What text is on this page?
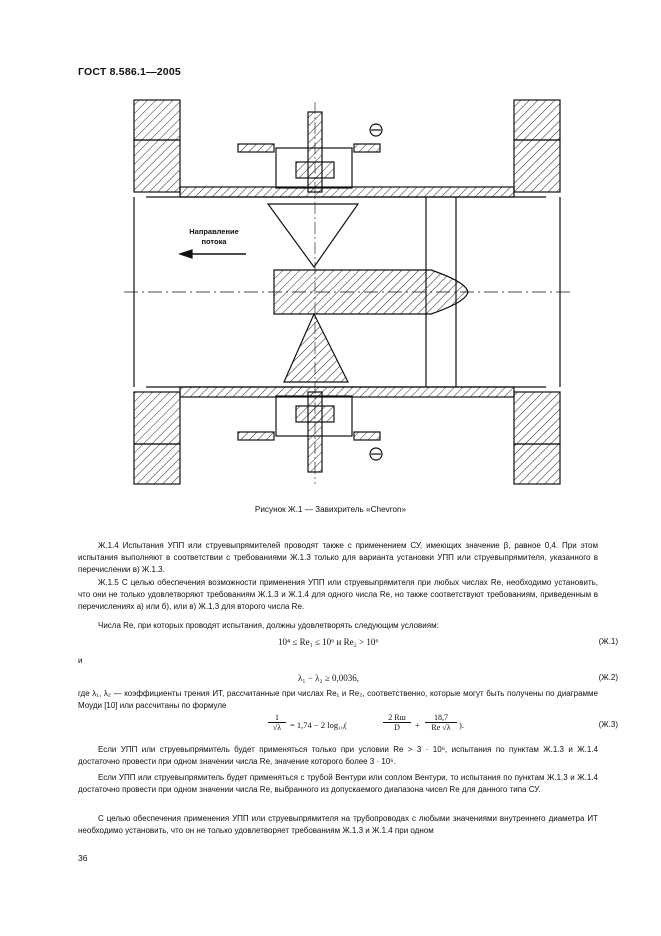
ГОСТ 8.586.1—2005
Направление
потока
Рисунок Ж.1 — Завихритель «Chevron»

Ж.1.4 Испытания УПП или струевыпрямителей проводят также с применением СУ, имеющих значение β, равное 0,4. При этом испытания выполняют в соответствии с требованиями Ж.1.3 только для варианта установки УПП или струевыпрямителя, указанного в перечислении в) Ж.1.3.

Ж.1.5 С целью обеспечения возможности применения УПП или струевыпрямителя при любых числах Re, необходимо установить, что они не только удовлетворяют требованиям Ж.1.3 и Ж.1.4 для одного числа Re, но также соответствуют требованиям, приведенным в перечислениях а) или б), или в) Ж.1.3 для второго числа Re.

Числа Re, при которых проводят испытания, должны удовлетворять следующим условиям:

10⁴ ≤ Re₁ ≤ 10⁶ и Re₂ > 10⁶	(Ж.1)
и
λ₁ − λ₂ ≥ 0,0036,	(Ж.2)

где λ₁, λ₂ — коэффициенты трения ИТ, рассчитанные при числах Re₁ и Re₂, соответственно, которые могут быть получены по диаграмме Моуди [10] или рассчитаны по формуле

$\frac{1}{√\lambda} = 1,74 - 2$ log₁₀(
2 Rш
D	+ $\frac{18,7}{Re √\lambda}$ ).	(Ж.3)

Если УПП или струевыпрямитель будет применяться только при условии Re > 3 · 10⁶, испытания по пунктам Ж.1.3 и Ж.1.4 достаточно провести при одном значении числа Re, значение которого более 3 · 10⁶.

Если УПП или струевыпрямитель будет применяться с трубой Вентури или соплом Вентури, то испытания по пунктам Ж.1.3 и Ж.1.4 достаточно провести при одном значении числа Re, выбранного из допускаемого диапазона чисел Re для данного типа СУ.

С целью обеспечения применения УПП или струевыпрямителя на трубопроводах с любыми значениями внутреннего диаметра ИТ необходимо установить, что он не только удовлетворяет требованиям Ж.1.3 и Ж.1.4 при одном

36
